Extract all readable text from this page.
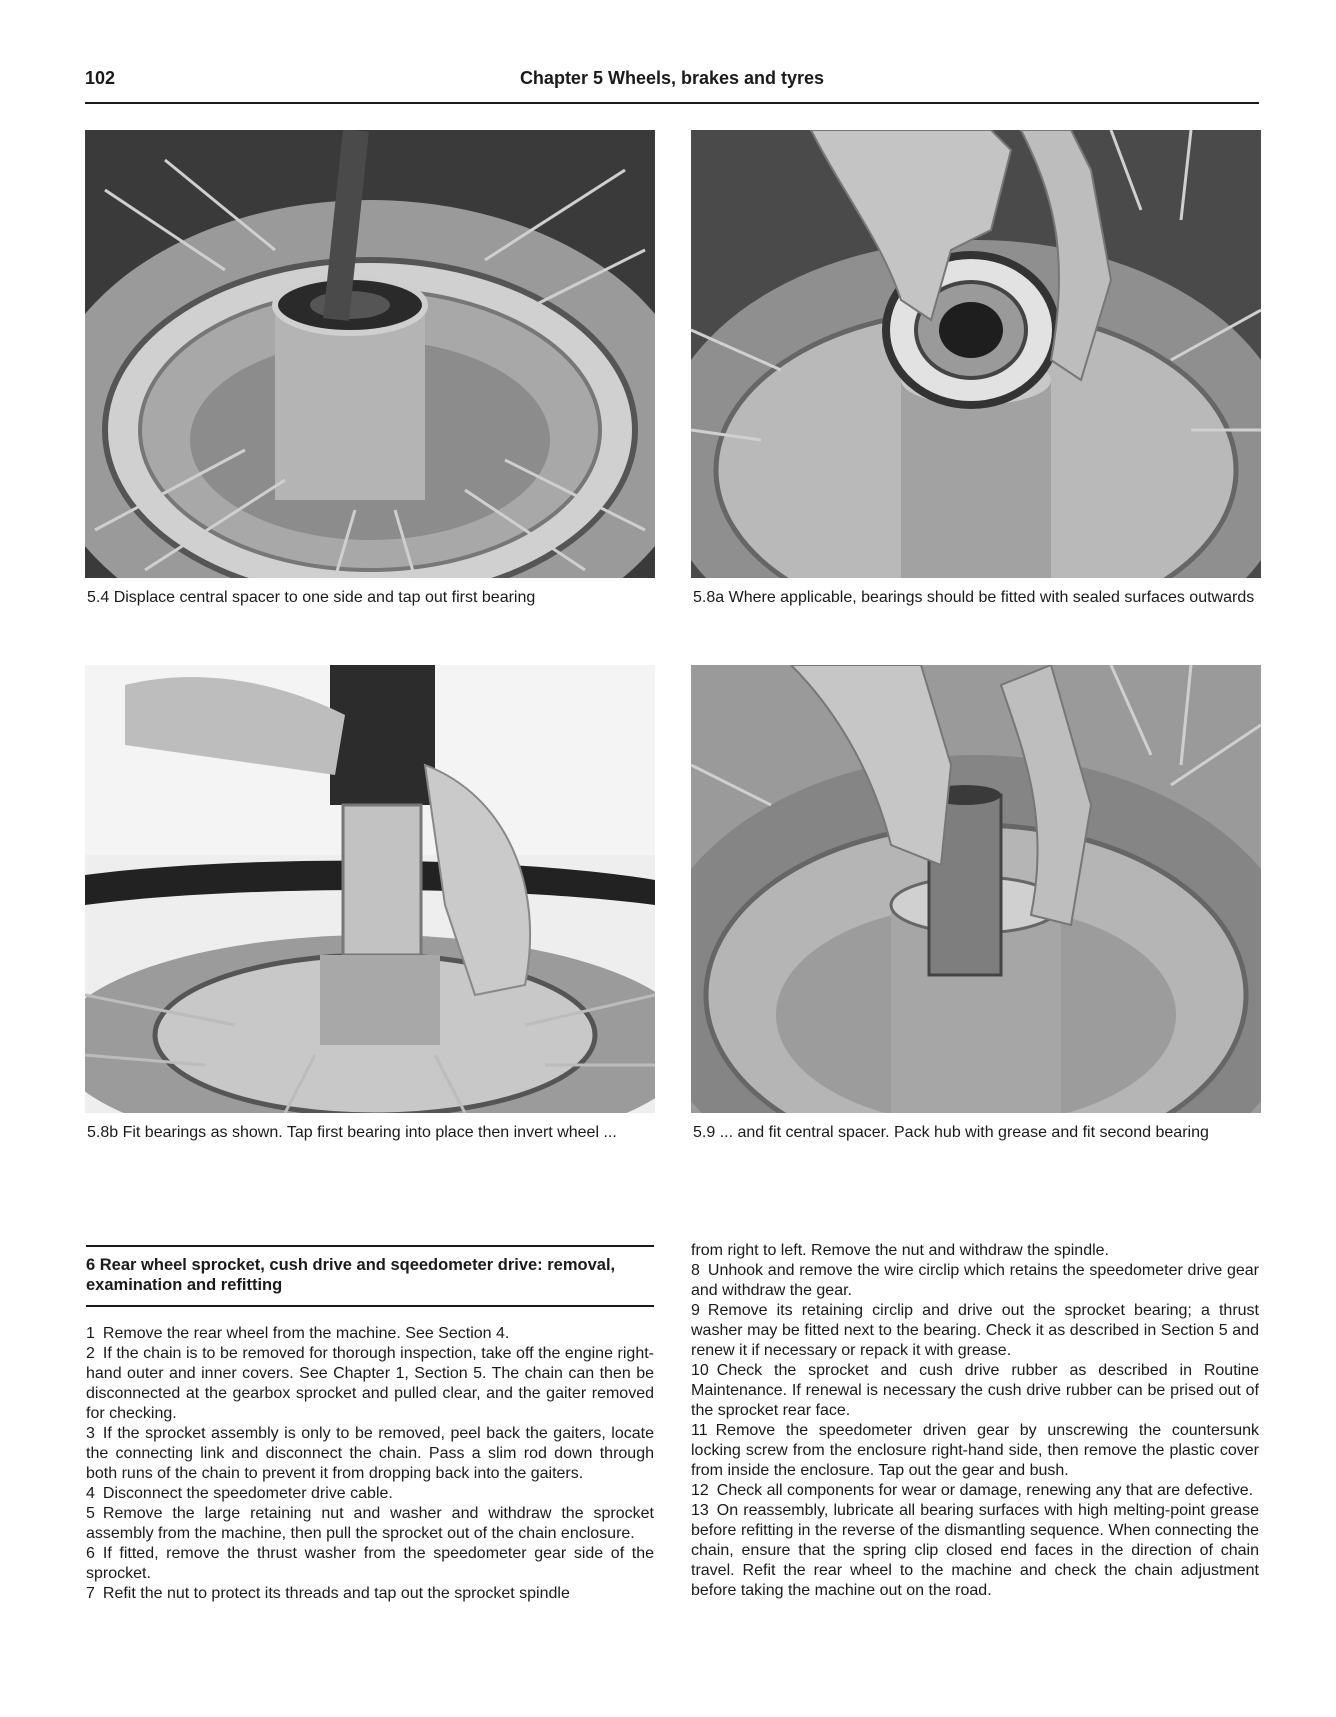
102	Chapter 5 Wheels, brakes and tyres
5.4 Displace central spacer to one side and tap out first bearing	5.8a Where applicable, bearings should be fitted with sealed surfaces outwards
5.8b Fit bearings as shown. Tap first bearing into place then invert wheel ...	5.9 ... and fit central spacer. Pack hub with grease and fit second bearing
6 Rear wheel sprocket, cush drive and sqeedometer drive: removal, examination and refitting

1 Remove the rear wheel from the machine. See Section 4.

2 If the chain is to be removed for thorough inspection, take off the engine right-hand outer and inner covers. See Chapter 1, Section 5. The chain can then be disconnected at the gearbox sprocket and pulled clear, and the gaiter removed for checking.

3 If the sprocket assembly is only to be removed, peel back the gaiters, locate the connecting link and disconnect the chain. Pass a slim rod down through both runs of the chain to prevent it from dropping back into the gaiters.

4 Disconnect the speedometer drive cable.

5 Remove the large retaining nut and washer and withdraw the sprocket assembly from the machine, then pull the sprocket out of the chain enclosure.

6 If fitted, remove the thrust washer from the speedometer gear side of the sprocket.

7 Refit the nut to protect its threads and tap out the sprocket spindle

from right to left. Remove the nut and withdraw the spindle.

8 Unhook and remove the wire circlip which retains the speedometer drive gear and withdraw the gear.

9 Remove its retaining circlip and drive out the sprocket bearing; a thrust washer may be fitted next to the bearing. Check it as described in Section 5 and renew it if necessary or repack it with grease.

10 Check the sprocket and cush drive rubber as described in Routine Maintenance. If renewal is necessary the cush drive rubber can be prised out of the sprocket rear face.

11 Remove the speedometer driven gear by unscrewing the countersunk locking screw from the enclosure right-hand side, then remove the plastic cover from inside the enclosure. Tap out the gear and bush.

12 Check all components for wear or damage, renewing any that are defective.

13 On reassembly, lubricate all bearing surfaces with high melting-point grease before refitting in the reverse of the dismantling sequence. When connecting the chain, ensure that the spring clip closed end faces in the direction of chain travel. Refit the rear wheel to the machine and check the chain adjustment before taking the machine out on the road.
